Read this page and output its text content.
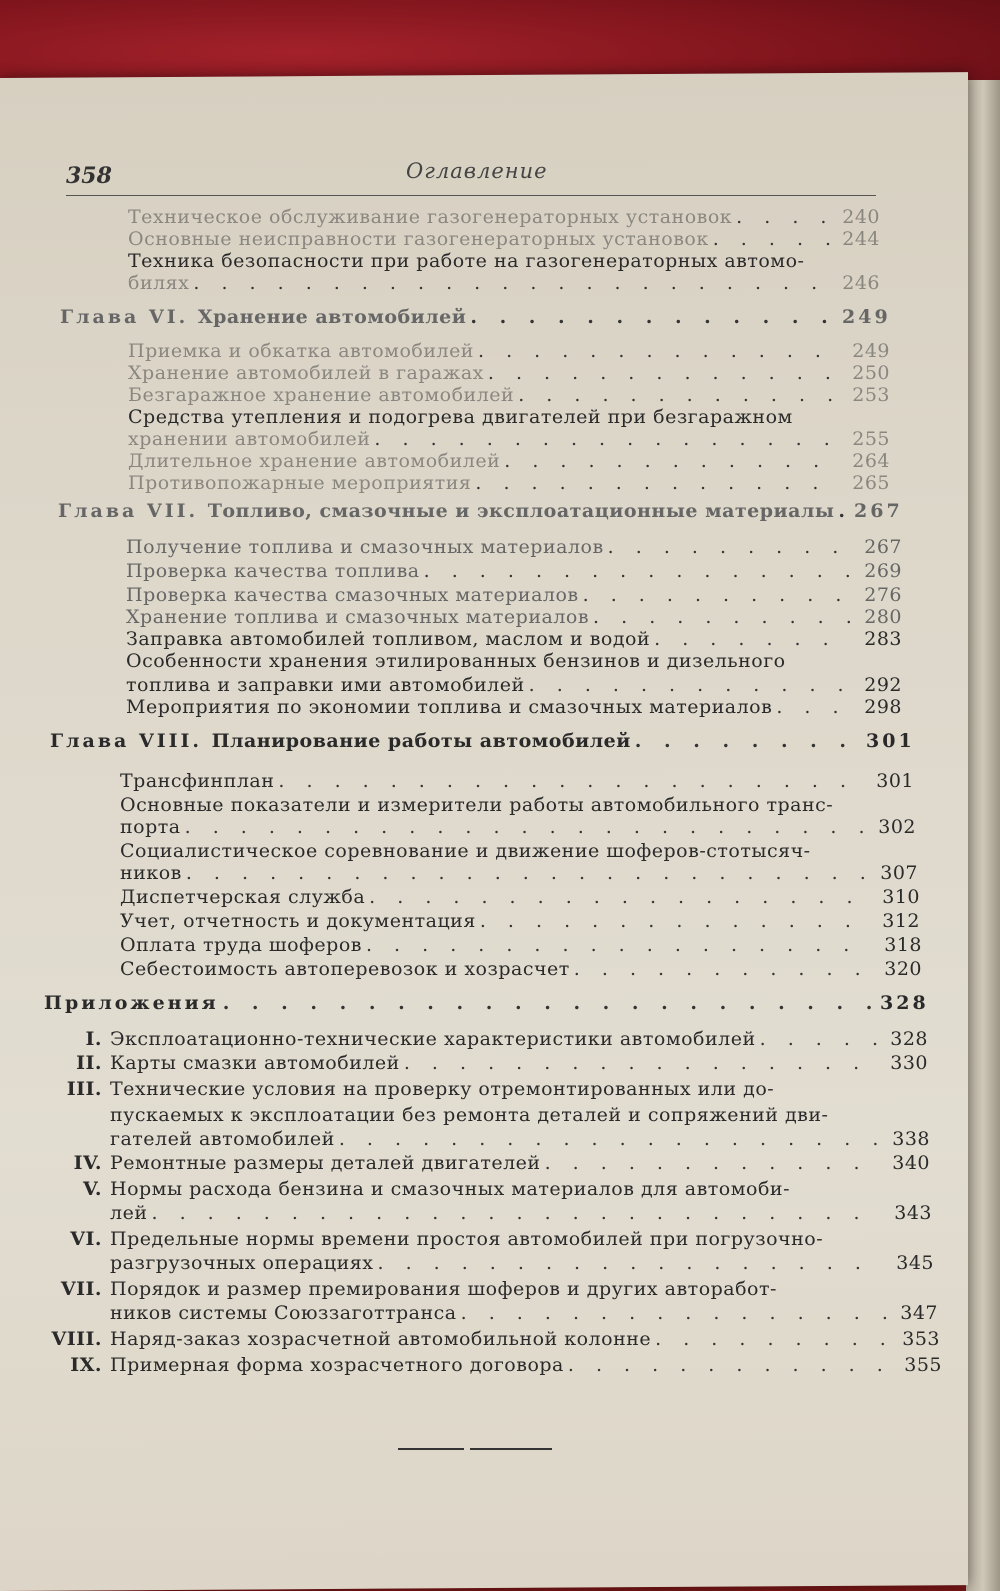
358	Оглавление
Техническое обслуживание газогенераторных установок . . .	240
Основные неисправности газогенераторных установок . . .	244
Техника безопасности при работе на газогенераторных автомо-
билях . . .	246
Глава VI. Хранение автомобилей . . .	249
Приемка и обкатка автомобилей . . .	249
Хранение автомобилей в гаражах . . .	250
Безгаражное хранение автомобилей . . .	253
Средства утепления и подогрева двигателей при безгаражном
хранении автомобилей . . .	255
Длительное хранение автомобилей . . .	264
Противопожарные мероприятия . . .	265
Глава VII. Топливо, смазочные и эксплоатационные материалы . . . 267
Получение топлива и смазочных материалов . . .	267
Проверка качества топлива . . .	269
Проверка качества смазочных материалов . . .	276
Хранение топлива и смазочных материалов . . .	280
Заправка автомобилей топливом, маслом и водой . . .	283
Особенности хранения этилированных бензинов и дизельного
топлива и заправки ими автомобилей . . .	292
Мероприятия по экономии топлива и смазочных материалов . . .	298
Глава VIII. Планирование работы автомобилей . . .	301
Трансфинплан . . .	301
Основные показатели и измерители работы автомобильного транс-
порта . . .	302
Социалистическое соревнование и движение шоферов-стотысяч-
ников . . .	307
Диспетчерская служба . . .	310
Учет, отчетность и документация . . .	312
Оплата труда шоферов . . .	318
Себестоимость автоперевозок и хозрасчет . . .	320
Приложения . . .	328
I. Эксплоатационно-технические характеристики автомобилей . . .	328
II. Карты смазки автомобилей . . .	330
III. Технические условия на проверку отремонтированных или до-
пускаемых к эксплоатации без ремонта деталей и сопряжений дви-
гателей автомобилей . . .	338
IV. Ремонтные размеры деталей двигателей . . .	340
V. Нормы расхода бензина и смазочных материалов для автомоби-
лей . . .	343
VI. Предельные нормы времени простоя автомобилей при погрузочно-
разгрузочных операциях . . .	345
VII. Порядок и размер премирования шоферов и других авторабот-
ников системы Союззаготтранса . . .	347
VIII. Наряд-заказ хозрасчетной автомобильной колонне . . .	353
IX. Примерная форма хозрасчетного договора . . .	355
